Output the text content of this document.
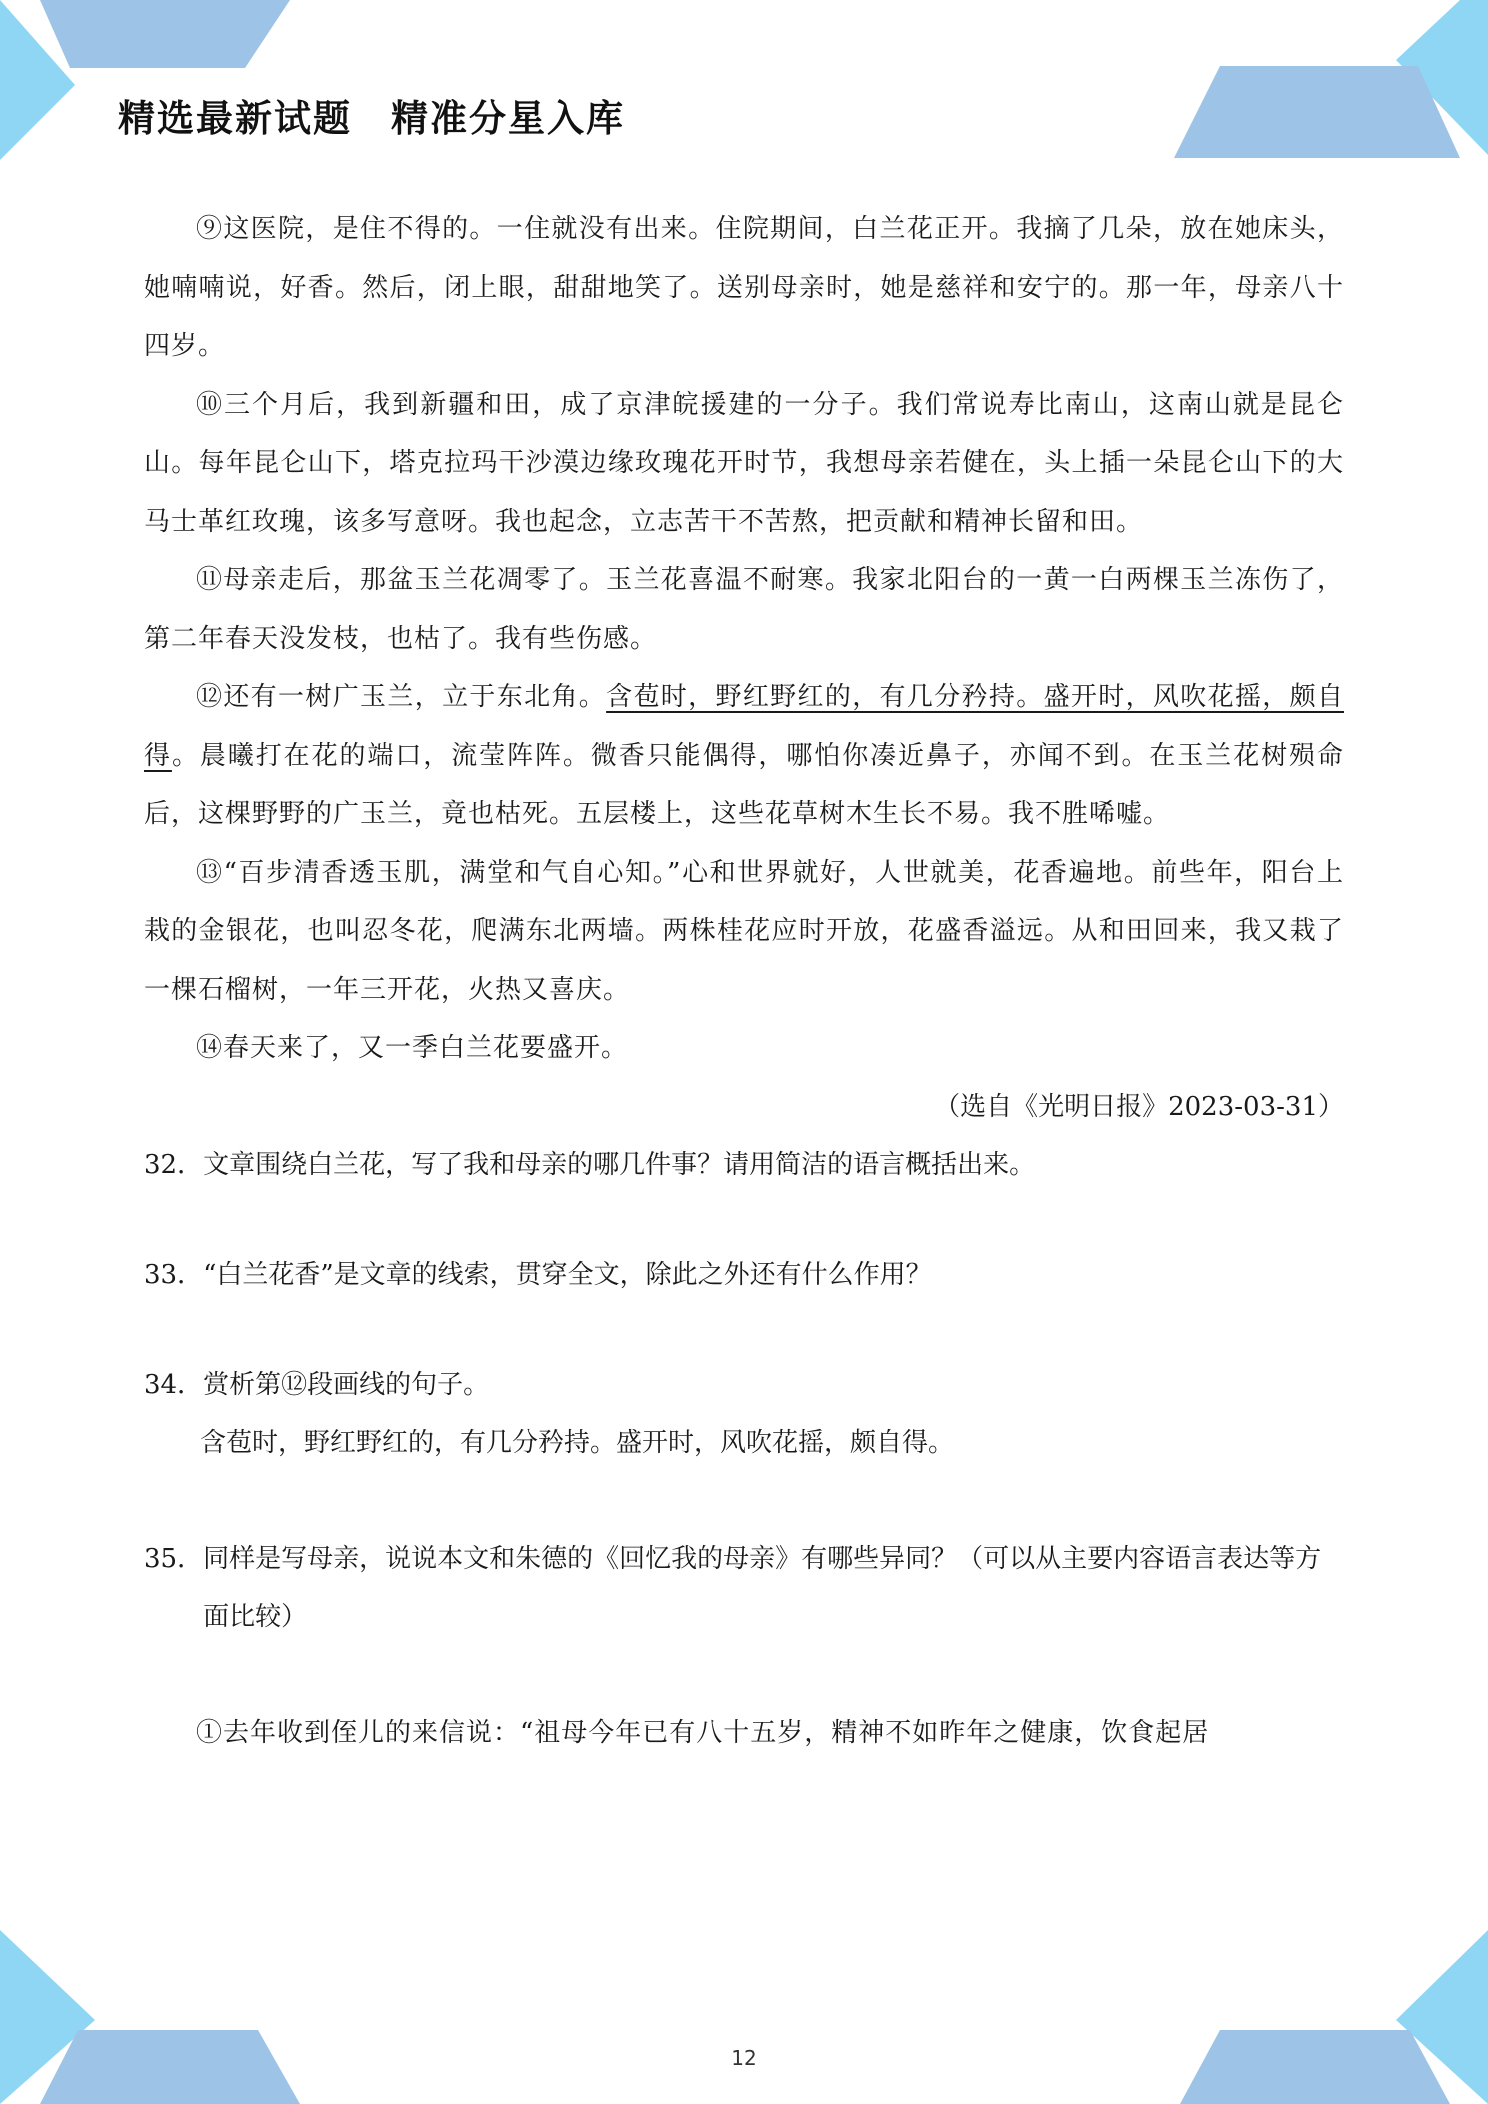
精选最新试题　精准分星入库

⑨这医院，是住不得的。一住就没有出来。住院期间，白兰花正开。我摘了几朵，放在她床头，她喃喃说，好香。然后，闭上眼，甜甜地笑了。送别母亲时，她是慈祥和安宁的。那一年，母亲八十四岁。

⑩三个月后，我到新疆和田，成了京津皖援建的一分子。我们常说寿比南山，这南山就是昆仑山。每年昆仑山下，塔克拉玛干沙漠边缘玫瑰花开时节，我想母亲若健在，头上插一朵昆仑山下的大马士革红玫瑰，该多写意呀。我也起念，立志苦干不苦熬，把贡献和精神长留和田。

⑪母亲走后，那盆玉兰花凋零了。玉兰花喜温不耐寒。我家北阳台的一黄一白两棵玉兰冻伤了，第二年春天没发枝，也枯了。我有些伤感。

⑫还有一树广玉兰，立于东北角。含苞时，野红野红的，有几分矜持。盛开时，风吹花摇，颇自得。晨曦打在花的端口，流莹阵阵。微香只能偶得，哪怕你凑近鼻子，亦闻不到。在玉兰花树殒命后，这棵野野的广玉兰，竟也枯死。五层楼上，这些花草树木生长不易。我不胜唏嘘。

⑬“百步清香透玉肌，满堂和气自心知。”心和世界就好，人世就美，花香遍地。前些年，阳台上栽的金银花，也叫忍冬花，爬满东北两墙。两株桂花应时开放，花盛香溢远。从和田回来，我又栽了一棵石榴树，一年三开花，火热又喜庆。

⑭春天来了，又一季白兰花要盛开。

（选自《光明日报》2023-03-31）

32． 文章围绕白兰花，写了我和母亲的哪几件事？请用简洁的语言概括出来。
33． “白兰花香”是文章的线索，贯穿全文，除此之外还有什么作用？
34． 赏析第⑫段画线的句子。

含苞时，野红野红的，有几分矜持。盛开时，风吹花摇，颇自得。

35． 同样是写母亲，说说本文和朱德的《回忆我的母亲》有哪些异同？（可以从主要内容语言表达等方面比较）

①去年收到侄儿的来信说：“祖母今年已有八十五岁，精神不如昨年之健康，饮食起居

12
